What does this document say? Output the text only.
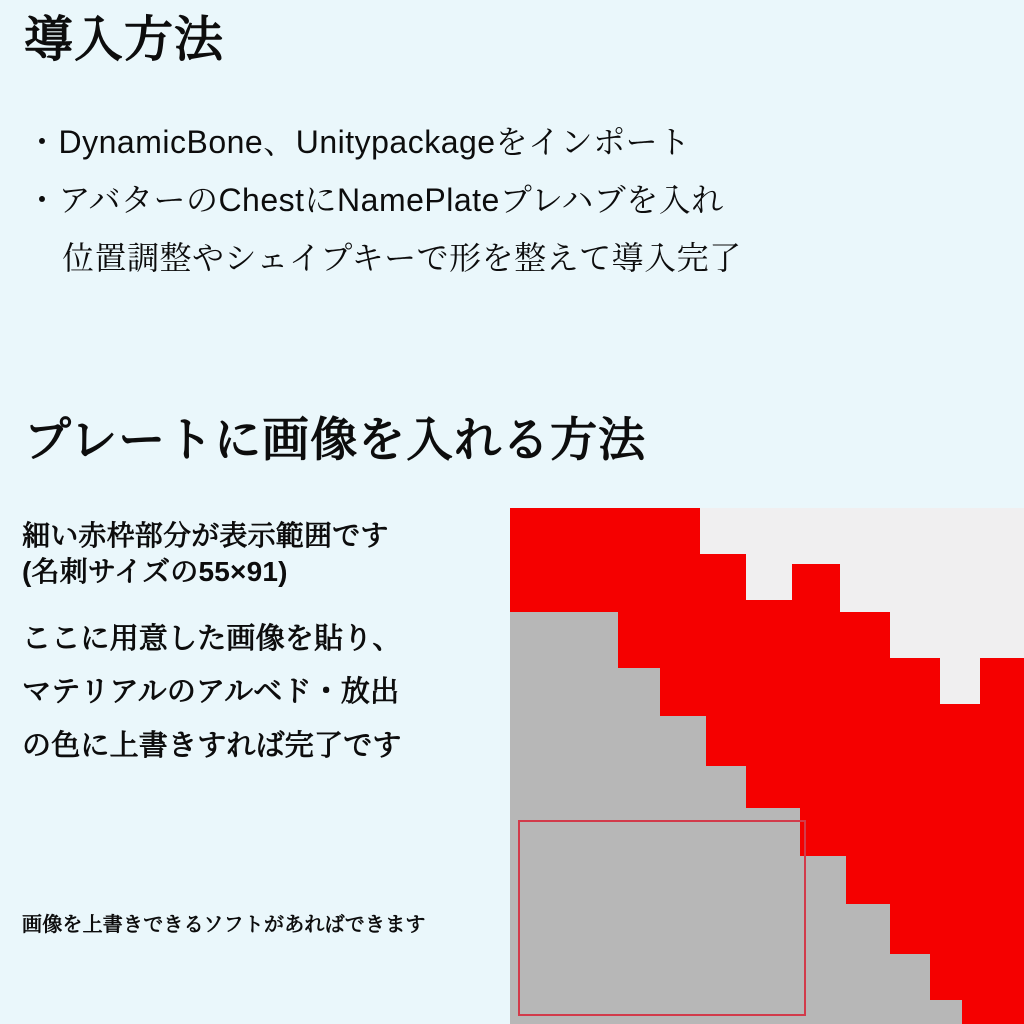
導入方法
・DynamicBone、Unitypackageをインポート
・アバターのChestにNamePlateプレハブを入れ
位置調整やシェイプキーで形を整えて導入完了
プレートに画像を入れる方法
細い赤枠部分が表示範囲です
(名刺サイズの55×91)
ここに用意した画像を貼り、
マテリアルのアルベド・放出
の色に上書きすれば完了です
画像を上書きできるソフトがあればできます
